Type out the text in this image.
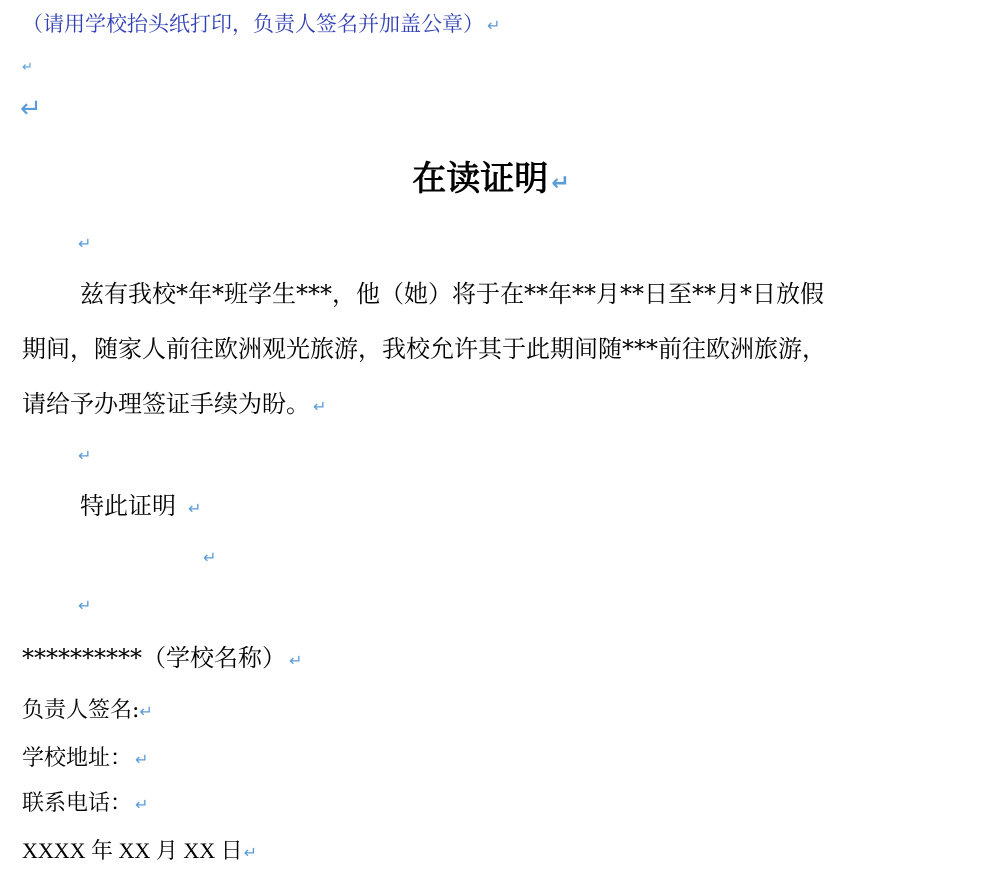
（请用学校抬头纸打印，负责人签名并加盖公章） ↵
↵
↵
在读证明 ↵
↵
兹有我校*年*班学生***，他（她）将于在**年**月**日至**月*日放假
期间，随家人前往欧洲观光旅游，我校允许其于此期间随***前往欧洲旅游，
请给予办理签证手续为盼。 ↵
↵
特此证明 ↵
↵
↵
**********（学校名称） ↵
负责人签名:↵
学校地址： ↵
联系电话： ↵
XXXX 年 XX 月 XX 日↵
